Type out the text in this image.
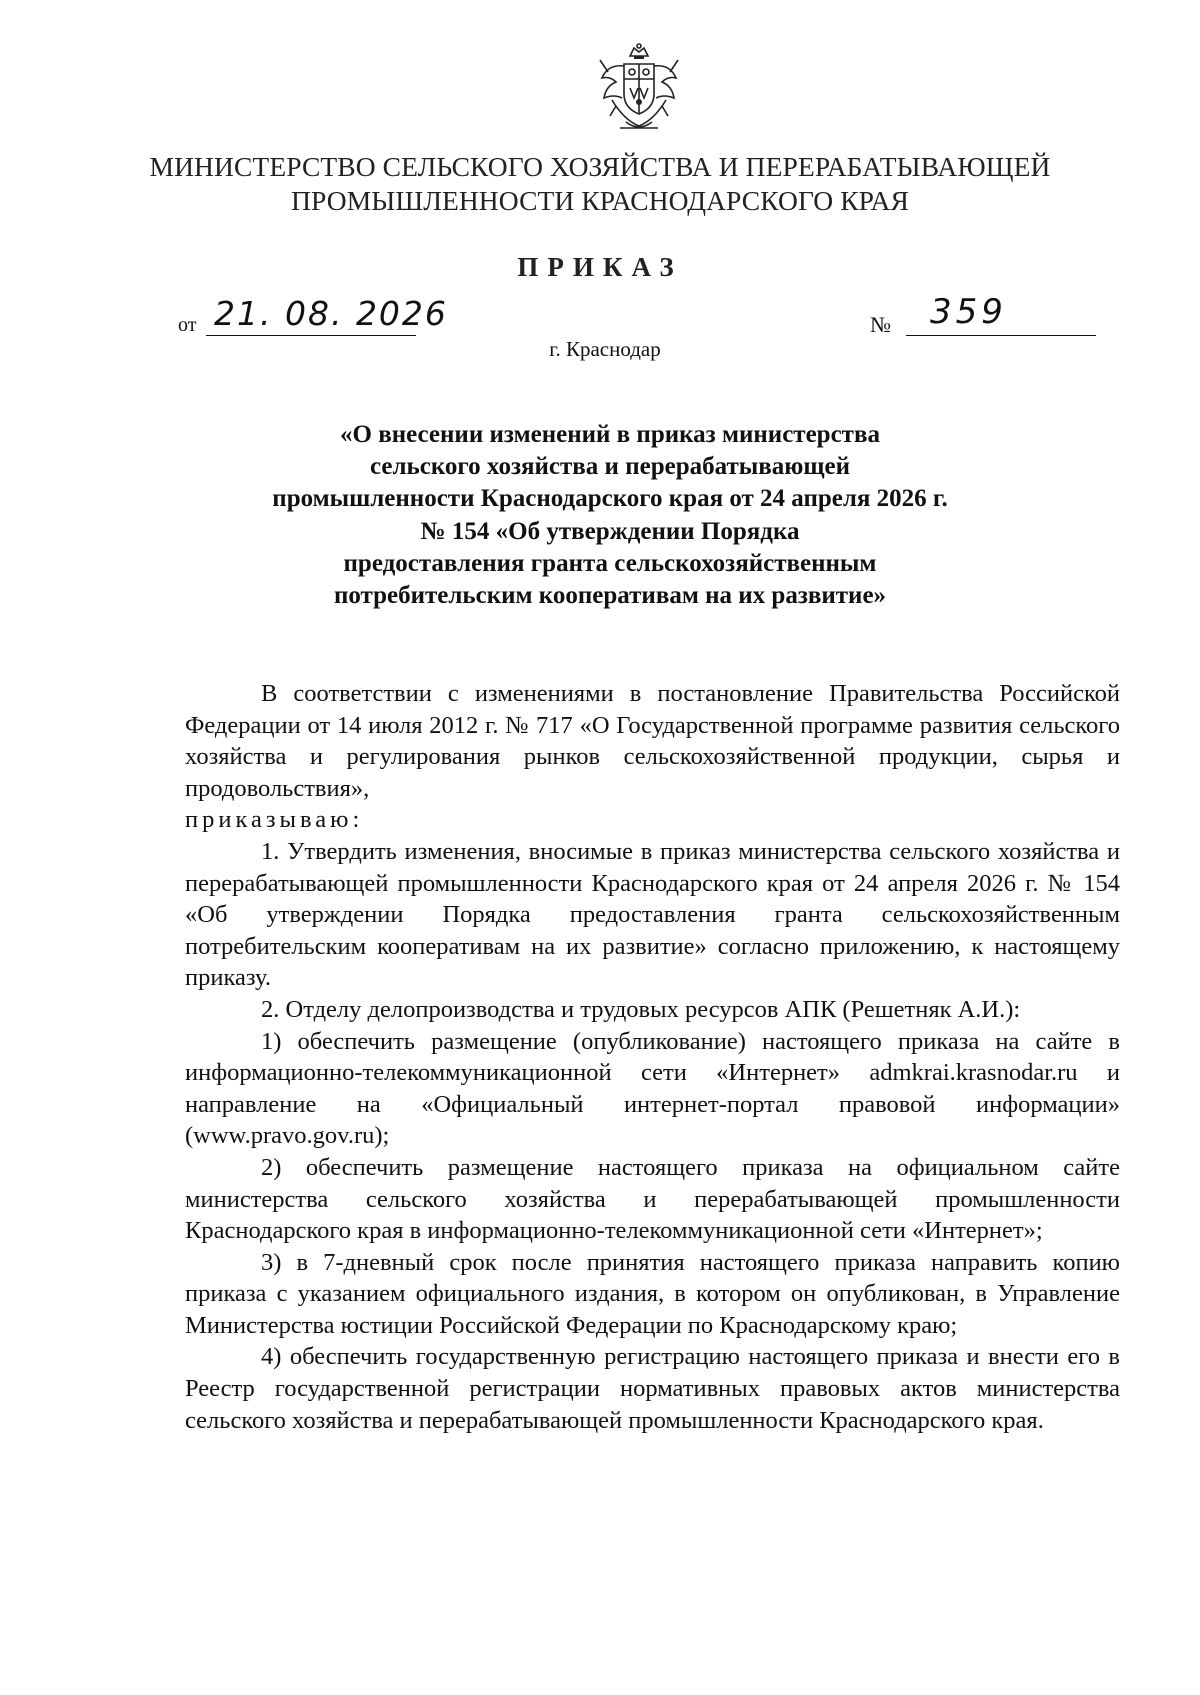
МИНИСТЕРСТВО СЕЛЬСКОГО ХОЗЯЙСТВА И ПЕРЕРАБАТЫВАЮЩЕЙ
ПРОМЫШЛЕННОСТИ КРАСНОДАРСКОГО КРАЯ
ПРИКАЗ
от 21. 08. 2026	№ 359
г. Краснодар
«О внесении изменений в приказ министерства
сельского хозяйства и перерабатывающей
промышленности Краснодарского края от 24 апреля 2026 г.
№ 154 «Об утверждении Порядка
предоставления гранта сельскохозяйственным
потребительским кооперативам на их развитие»

В соответствии с изменениями в постановление Правительства Российской Федерации от 14 июля 2012 г. № 717 «О Государственной программе развития сельского хозяйства и регулирования рынков сельскохозяйственной продукции, сырья и продовольствия»,

приказываю:

1. Утвердить изменения, вносимые в приказ министерства сельского хозяйства и перерабатывающей промышленности Краснодарского края от 24 апреля 2026 г. № 154 «Об утверждении Порядка предоставления гранта сельскохозяйственным потребительским кооперативам на их развитие» согласно приложению, к настоящему приказу.

2. Отделу делопроизводства и трудовых ресурсов АПК (Решетняк А.И.):

1) обеспечить размещение (опубликование) настоящего приказа на сайте в информационно-телекоммуникационной сети «Интернет» admkrai.krasnodar.ru и направление на «Официальный интернет-портал правовой информации» (www.pravo.gov.ru);

2) обеспечить размещение настоящего приказа на официальном сайте министерства сельского хозяйства и перерабатывающей промышленности Краснодарского края в информационно-телекоммуникационной сети «Интернет»;

3) в 7-дневный срок после принятия настоящего приказа направить копию приказа с указанием официального издания, в котором он опубликован, в Управление Министерства юстиции Российской Федерации по Краснодарскому краю;

4) обеспечить государственную регистрацию настоящего приказа и внести его в Реестр государственной регистрации нормативных правовых актов министерства сельского хозяйства и перерабатывающей промышленности Краснодарского края.
